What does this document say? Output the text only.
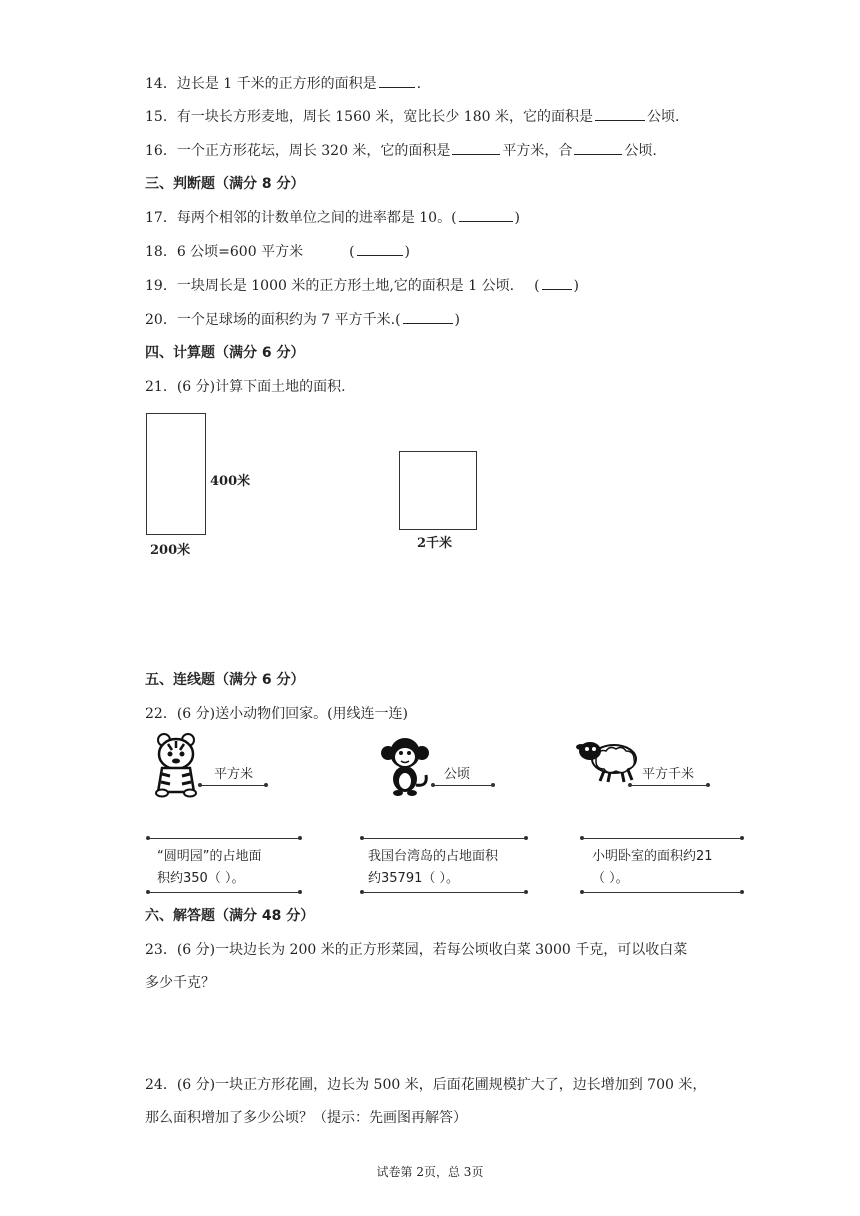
14．边长是 1 千米的正方形的面积是	.
15．有一块长方形麦地，周长 1560 米，宽比长少 180 米，它的面积是	公顷.
16．一个正方形花坛，周长 320 米，它的面积是	平方米，合	公顷.
三、判断题（满分 8 分）
17．每两个相邻的计数单位之间的进率都是 10。(	)
18．6 公顷=600 平方米	(	)
19．一块周长是 1000 米的正方形土地,它的面积是 1 公顷. ( )
20．一个足球场的面积约为 7 平方千米.(	)
四、计算题（满分 6 分）
21．(6 分)计算下面土地的面积.
400米
200米	2千米
五、连线题（满分 6 分）
22．(6 分)送小动物们回家。(用线连一连)
平方米	公顷	平方千米
“圆明园”的占地面
积约350（ ）。
我国台湾岛的占地面积
约35791（ ）。
小明卧室的面积约21
（ ）。
六、解答题（满分 48 分）
23．(6 分)一块边长为 200 米的正方形菜园，若每公顷收白菜 3000 千克，可以收白菜
多少千克？
24．(6 分)一块正方形花圃，边长为 500 米，后面花圃规模扩大了，边长增加到 700 米，
那么面积增加了多少公顷？（提示：先画图再解答）
试卷第 2页，总 3页
